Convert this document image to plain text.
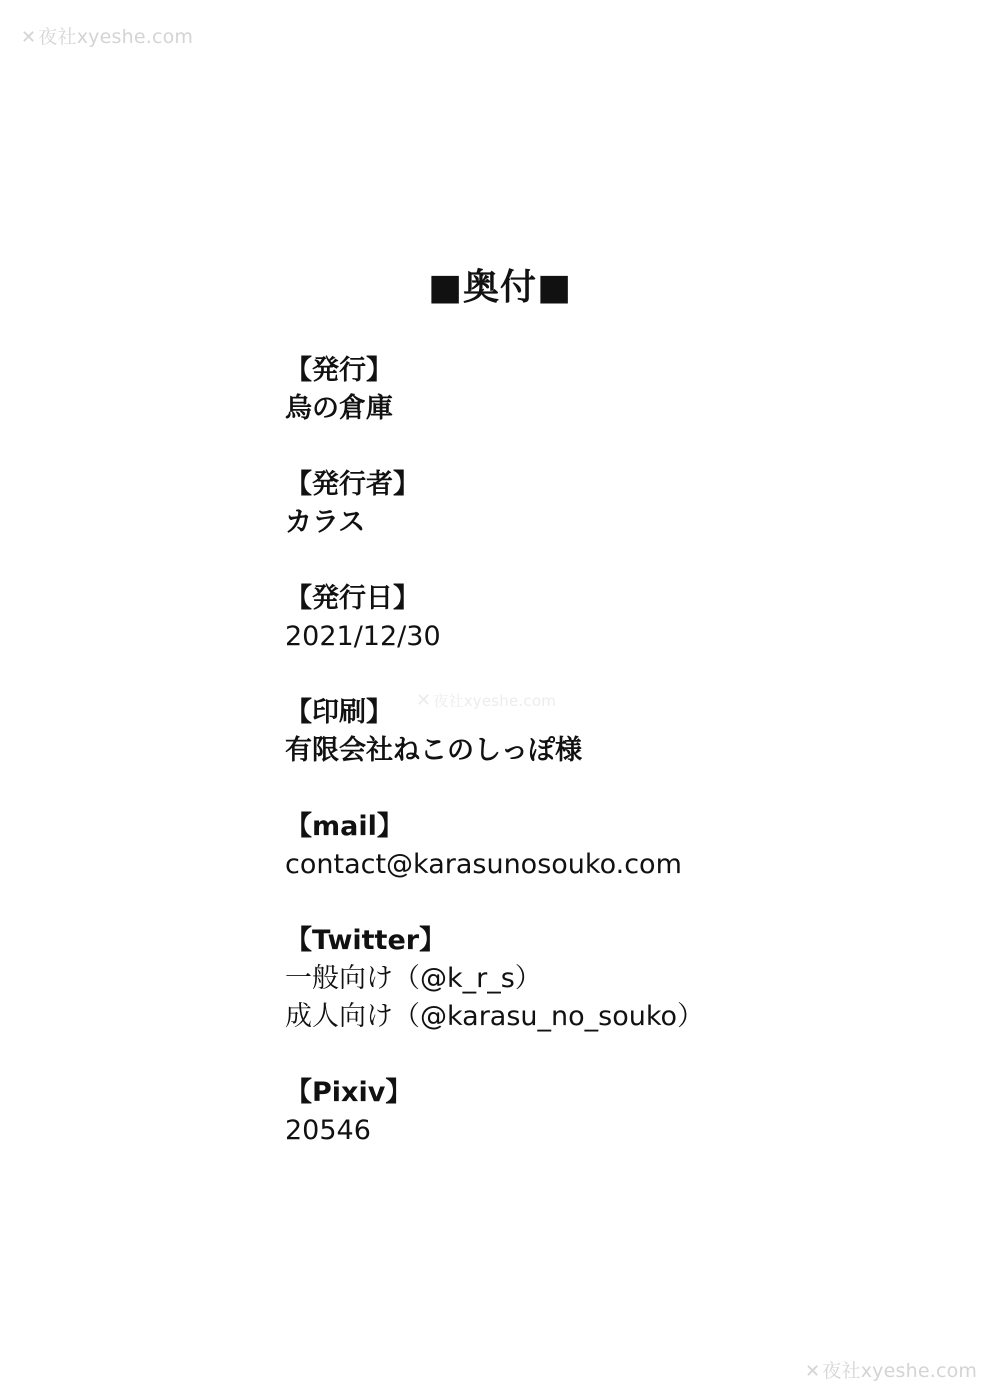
✕ 夜社xyeshe.com
✕ 夜社xyeshe.com
✕ 夜社xyeshe.com
■奥付■
【発行】
烏の倉庫
【発行者】
カラス
【発行日】
2021/12/30
【印刷】
有限会社ねこのしっぽ様
【mail】
contact@karasunosouko.com
【Twitter】
一般向け（@k_r_s）
成人向け（@karasu_no_souko）
【Pixiv】
20546
